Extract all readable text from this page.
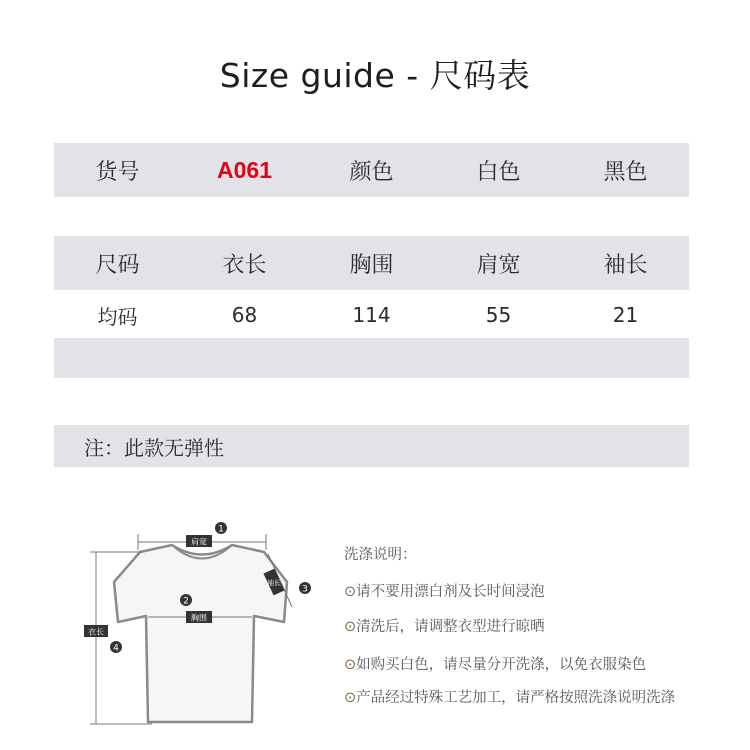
Size guide - 尺码表
货号	A061	颜色	白色	黑色
尺码	衣长	胸围	肩宽	袖长
均码	68	114	55	21
注：此款无弹性
肩宽
1
胸围
2
袖长
3
衣长
4
洗涤说明：
⊙请不要用漂白剂及长时间浸泡
⊙清洗后，请调整衣型进行晾晒
⊙如购买白色，请尽量分开洗涤，以免衣服染色
⊙产品经过特殊工艺加工，请严格按照洗涤说明洗涤
